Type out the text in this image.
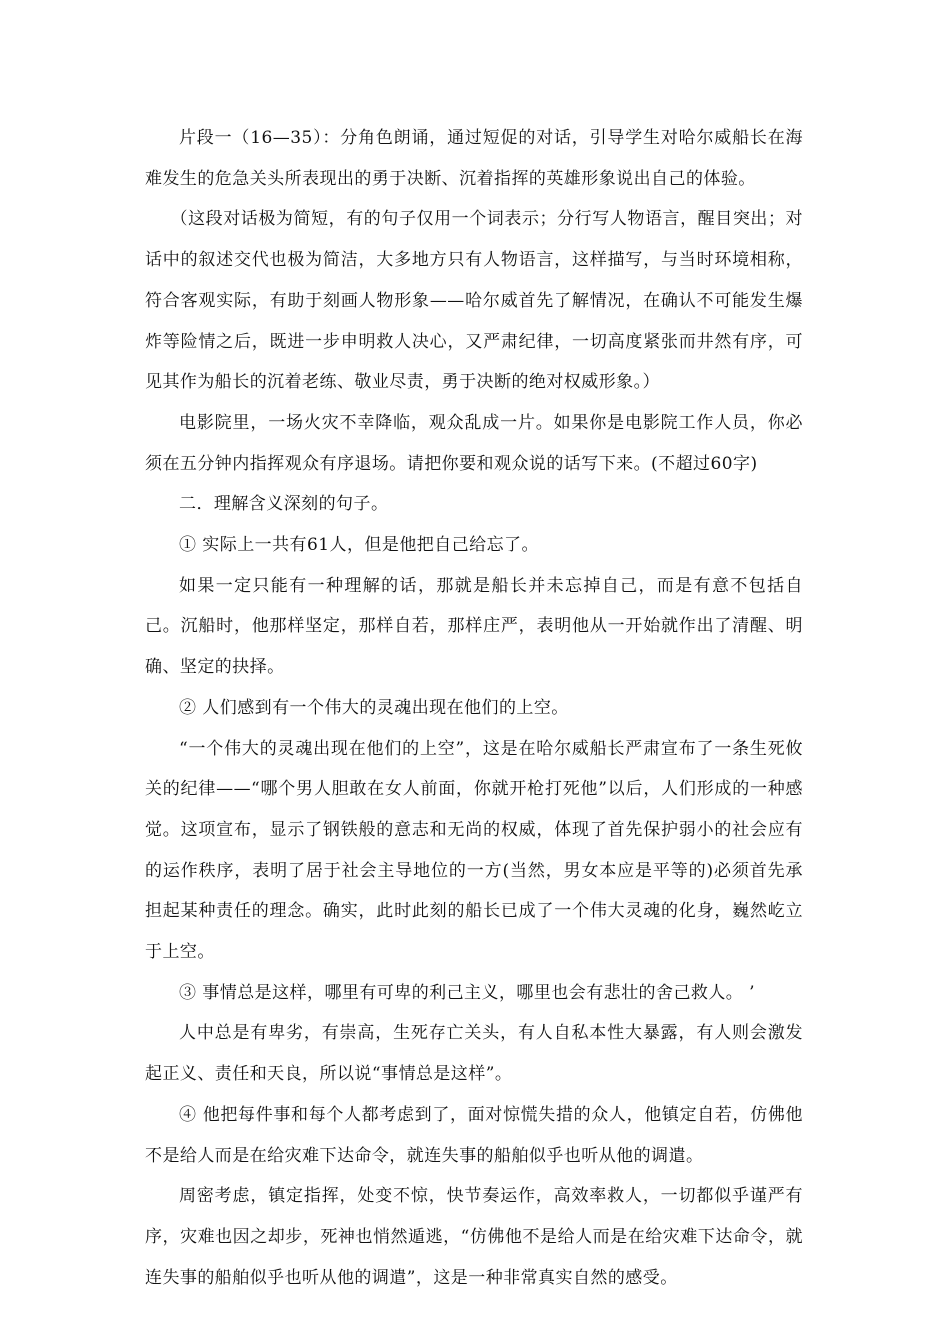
片段一（16—35）：分角色朗诵，通过短促的对话，引导学生对哈尔威船长在海难发生的危急关头所表现出的勇于决断、沉着指挥的英雄形象说出自己的体验。

（这段对话极为简短，有的句子仅用一个词表示；分行写人物语言，醒目突出；对话中的叙述交代也极为简洁，大多地方只有人物语言，这样描写，与当时环境相称，符合客观实际，有助于刻画人物形象——哈尔威首先了解情况，在确认不可能发生爆炸等险情之后，既进一步申明救人决心，又严肃纪律，一切高度紧张而井然有序，可见其作为船长的沉着老练、敬业尽责，勇于决断的绝对权威形象。）

电影院里，一场火灾不幸降临，观众乱成一片。如果你是电影院工作人员，你必须在五分钟内指挥观众有序退场。请把你要和观众说的话写下来。(不超过60字)

二．理解含义深刻的句子。

① 实际上一共有61人，但是他把自己给忘了。

如果一定只能有一种理解的话，那就是船长并未忘掉自己，而是有意不包括自己。沉船时，他那样坚定，那样自若，那样庄严，表明他从一开始就作出了清醒、明确、坚定的抉择。

② 人们感到有一个伟大的灵魂出现在他们的上空。

“一个伟大的灵魂出现在他们的上空”，这是在哈尔威船长严肃宣布了一条生死攸关的纪律——“哪个男人胆敢在女人前面，你就开枪打死他”以后，人们形成的一种感觉。这项宣布，显示了钢铁般的意志和无尚的权威，体现了首先保护弱小的社会应有的运作秩序，表明了居于社会主导地位的一方(当然，男女本应是平等的)必须首先承担起某种责任的理念。确实，此时此刻的船长已成了一个伟大灵魂的化身，巍然屹立于上空。

③ 事情总是这样，哪里有可卑的利己主义，哪里也会有悲壮的舍己救人。 ’

人中总是有卑劣，有崇高，生死存亡关头，有人自私本性大暴露，有人则会激发起正义、责任和天良，所以说“事情总是这样”。

④ 他把每件事和每个人都考虑到了，面对惊慌失措的众人，他镇定自若，仿佛他不是给人而是在给灾难下达命令，就连失事的船舶似乎也听从他的调遣。

周密考虑，镇定指挥，处变不惊，快节奏运作，高效率救人，一切都似乎谨严有序，灾难也因之却步，死神也悄然遁逃，“仿佛他不是给人而是在给灾难下达命令，就连失事的船舶似乎也听从他的调遣”，这是一种非常真实自然的感受。
